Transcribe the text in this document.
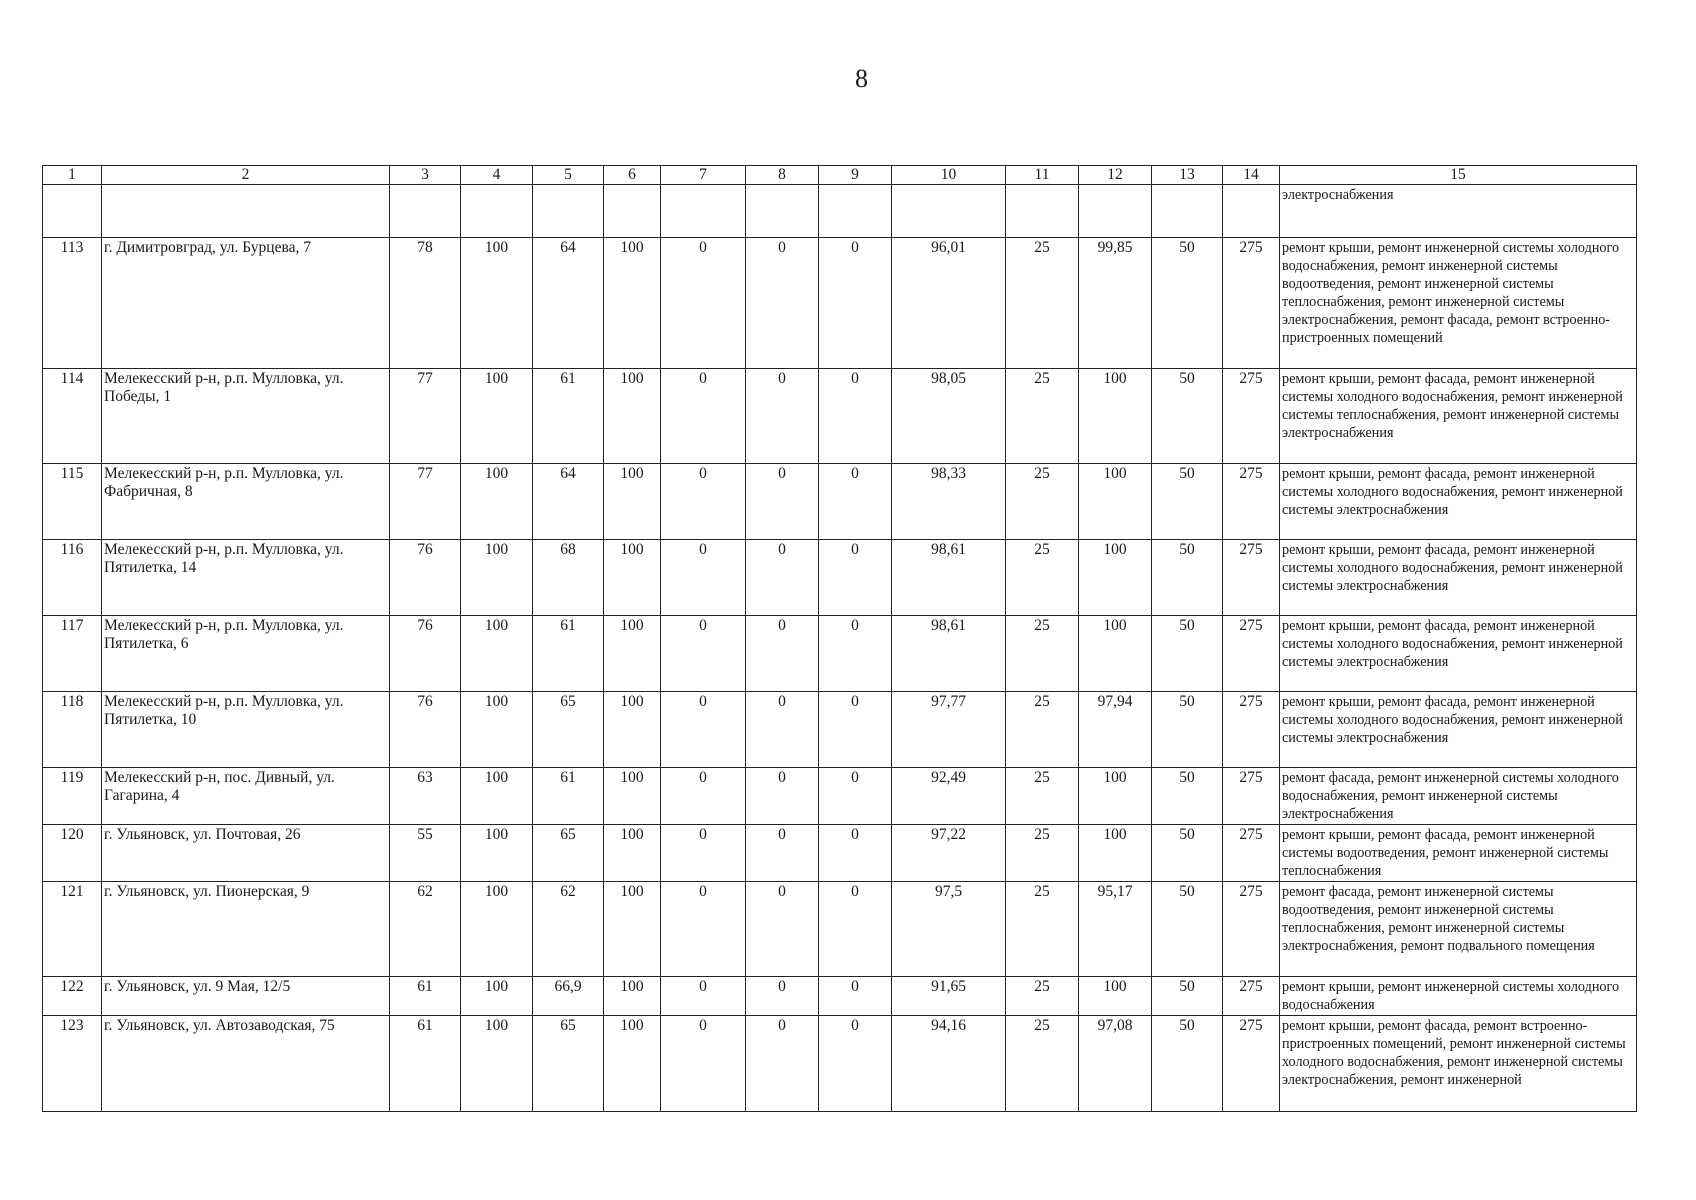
8
1	2	3	4	5	6	7	8	9	10	11	12	13	14	15
														электроснабжения
113	г. Димитровград, ул. Бурцева, 7	78	100	64	100	0	0	0	96,01	25	99,85	50	275	ремонт крыши, ремонт инженерной системы холодного водоснабжения, ремонт инженерной системы водоотведения, ремонт инженерной системы теплоснабжения, ремонт инженерной системы электроснабжения, ремонт фасада, ремонт встроенно-пристроенных помещений
114	Мелекесский р-н, р.п. Мулловка, ул. Победы, 1	77	100	61	100	0	0	0	98,05	25	100	50	275	ремонт крыши, ремонт фасада, ремонт инженерной системы холодного водоснабжения, ремонт инженерной системы теплоснабжения, ремонт инженерной системы электроснабжения
115	Мелекесский р-н, р.п. Мулловка, ул. Фабричная, 8	77	100	64	100	0	0	0	98,33	25	100	50	275	ремонт крыши, ремонт фасада, ремонт инженерной системы холодного водоснабжения, ремонт инженерной системы электроснабжения
116	Мелекесский р-н, р.п. Мулловка, ул. Пятилетка, 14	76	100	68	100	0	0	0	98,61	25	100	50	275	ремонт крыши, ремонт фасада, ремонт инженерной системы холодного водоснабжения, ремонт инженерной системы электроснабжения
117	Мелекесский р-н, р.п. Мулловка, ул. Пятилетка, 6	76	100	61	100	0	0	0	98,61	25	100	50	275	ремонт крыши, ремонт фасада, ремонт инженерной системы холодного водоснабжения, ремонт инженерной системы электроснабжения
118	Мелекесский р-н, р.п. Мулловка, ул. Пятилетка, 10	76	100	65	100	0	0	0	97,77	25	97,94	50	275	ремонт крыши, ремонт фасада, ремонт инженерной системы холодного водоснабжения, ремонт инженерной системы электроснабжения
119	Мелекесский р-н, пос. Дивный, ул. Гагарина, 4	63	100	61	100	0	0	0	92,49	25	100	50	275	ремонт фасада, ремонт инженерной системы холодного водоснабжения, ремонт инженерной системы электроснабжения
120	г. Ульяновск, ул. Почтовая, 26	55	100	65	100	0	0	0	97,22	25	100	50	275	ремонт крыши, ремонт фасада, ремонт инженерной системы водоотведения, ремонт инженерной системы теплоснабжения
121	г. Ульяновск, ул. Пионерская, 9	62	100	62	100	0	0	0	97,5	25	95,17	50	275	ремонт фасада, ремонт инженерной системы водоотведения, ремонт инженерной системы теплоснабжения, ремонт инженерной системы электроснабжения, ремонт подвального помещения
122	г. Ульяновск, ул. 9 Мая, 12/5	61	100	66,9	100	0	0	0	91,65	25	100	50	275	ремонт крыши, ремонт инженерной системы холодного водоснабжения
123	г. Ульяновск, ул. Автозаводская, 75	61	100	65	100	0	0	0	94,16	25	97,08	50	275	ремонт крыши, ремонт фасада, ремонт встроенно-пристроенных помещений, ремонт инженерной системы холодного водоснабжения, ремонт инженерной системы электроснабжения, ремонт инженерной
